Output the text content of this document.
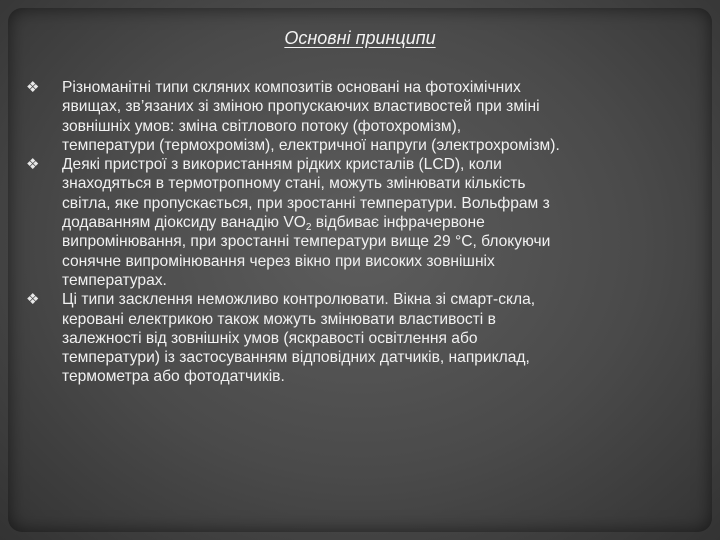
Основні принципи
❖	Різноманітні типи скляних композитів основані на фотохімічних
явищах, зв’язаних зі зміною пропускаючих властивостей при зміні
зовнішніх умов: зміна світлового потоку (фотохромізм),
температури (термохромізм), електричної напруги (электрохромізм).
❖	Деякі пристрої з використанням рідких кристалів (LCD), коли
знаходяться в термотропному стані, можуть змінювати кількість
світла, яке пропускається, при зростанні температури. Вольфрам з
додаванням діоксиду ванадію $VO_2$ відбиває інфрачервоне
випромінювання, при зростанні температури вище 29 °С, блокуючи
сонячне випромінювання через вікно при високих зовнішніх
температурах.
❖	Ці типи засклення неможливо контролювати. Вікна зі смарт-скла,
керовані електрикою також можуть змінювати властивості в
залежності від зовнішніх умов (яскравості освітлення або
температури) із застосуванням відповідних датчиків, наприклад,
термометра або фотодатчиків.
